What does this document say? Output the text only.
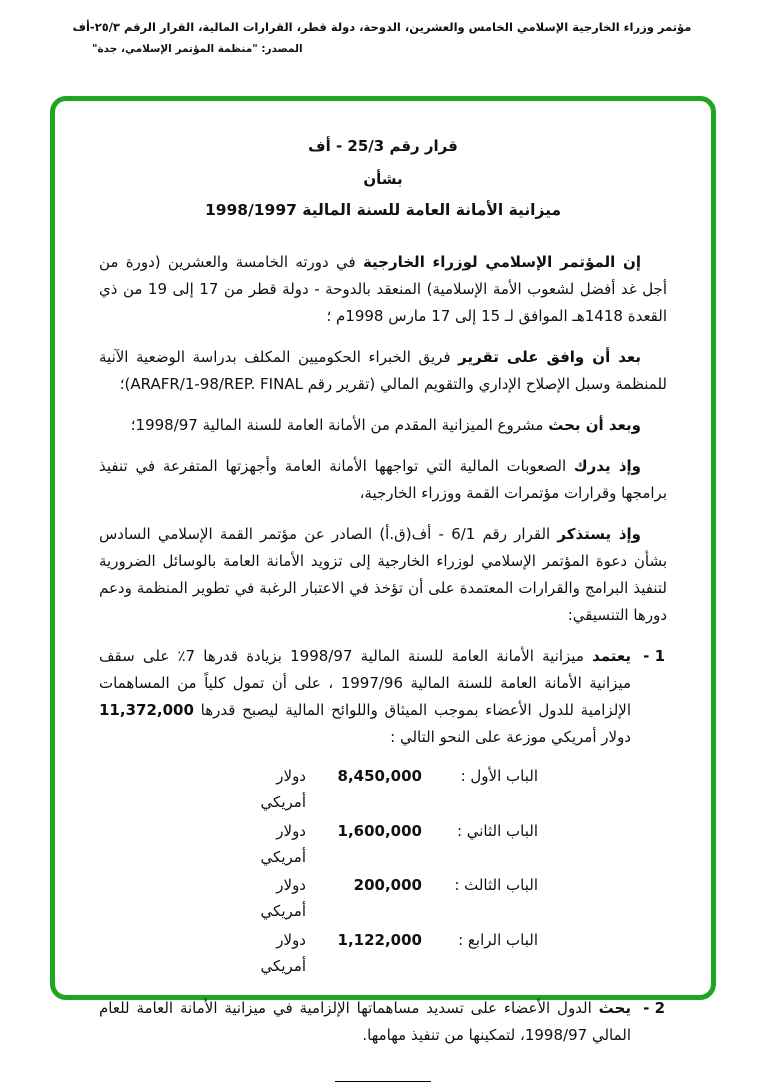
مؤتمر وزراء الخارجية الإسلامي الخامس والعشرين، الدوحة، دولة قطر، القرارات المالية، القرار الرقم ٢٥/٣-أف
المصدر: "منظمة المؤتمر الإسلامي، جدة"
قرار رقم 25/3 - أف
بشأن
ميزانية الأمانة العامة للسنة المالية 1998/1997

إن المؤتمر الإسلامي لوزراء الخارجية في دورته الخامسة والعشرين (دورة من أجل غد أفضل لشعوب الأمة الإسلامية) المنعقد بالدوحة - دولة قطر من 17 إلى 19 من ذي القعدة 1418هـ الموافق لـ 15 إلى 17 مارس 1998م ؛

بعد أن وافق على تقرير فريق الخبراء الحكوميين المكلف بدراسة الوضعية الآنية للمنظمة وسبل الإصلاح الإداري والتقويم المالي (تقرير رقم ARAFR/1-98/REP. FINAL)؛

وبعد أن بحث مشروع الميزانية المقدم من الأمانة العامة للسنة المالية 1998/97؛

وإذ يدرك الصعوبات المالية التي تواجهها الأمانة العامة وأجهزتها المتفرعة في تنفيذ برامجها وقرارات مؤتمرات القمة ووزراء الخارجية،

وإذ يستذكر القرار رقم 6/1 - أف(ق.أ) الصادر عن مؤتمر القمة الإسلامي السادس بشأن دعوة المؤتمر الإسلامي لوزراء الخارجية إلى تزويد الأمانة العامة بالوسائل الضرورية لتنفيذ البرامج والقرارات المعتمدة على أن تؤخذ في الاعتبار الرغبة في تطوير المنظمة ودعم دورها التنسيقي:

1 -
يعتمد ميزانية الأمانة العامة للسنة المالية 1998/97 بزيادة قدرها 7٪ على سقف ميزانية الأمانة العامة للسنة المالية 1997/96 ، على أن تمول كلياً من المساهمات الإلزامية للدول الأعضاء بموجب الميثاق واللوائح المالية ليصبح قدرها 11,372,000 دولار أمريكي موزعة على النحو التالي :
الباب الأول :
8,450,000
دولار أمريكي
الباب الثاني :
1,600,000
دولار أمريكي
الباب الثالث :
200,000
دولار أمريكي
الباب الرابع :
1,122,000
دولار أمريكي
2 -
يحث الدول الأعضاء على تسديد مساهماتها الإلزامية في ميزانية الأمانة العامة للعام المالي 1998/97، لتمكينها من تنفيذ مهامها.
